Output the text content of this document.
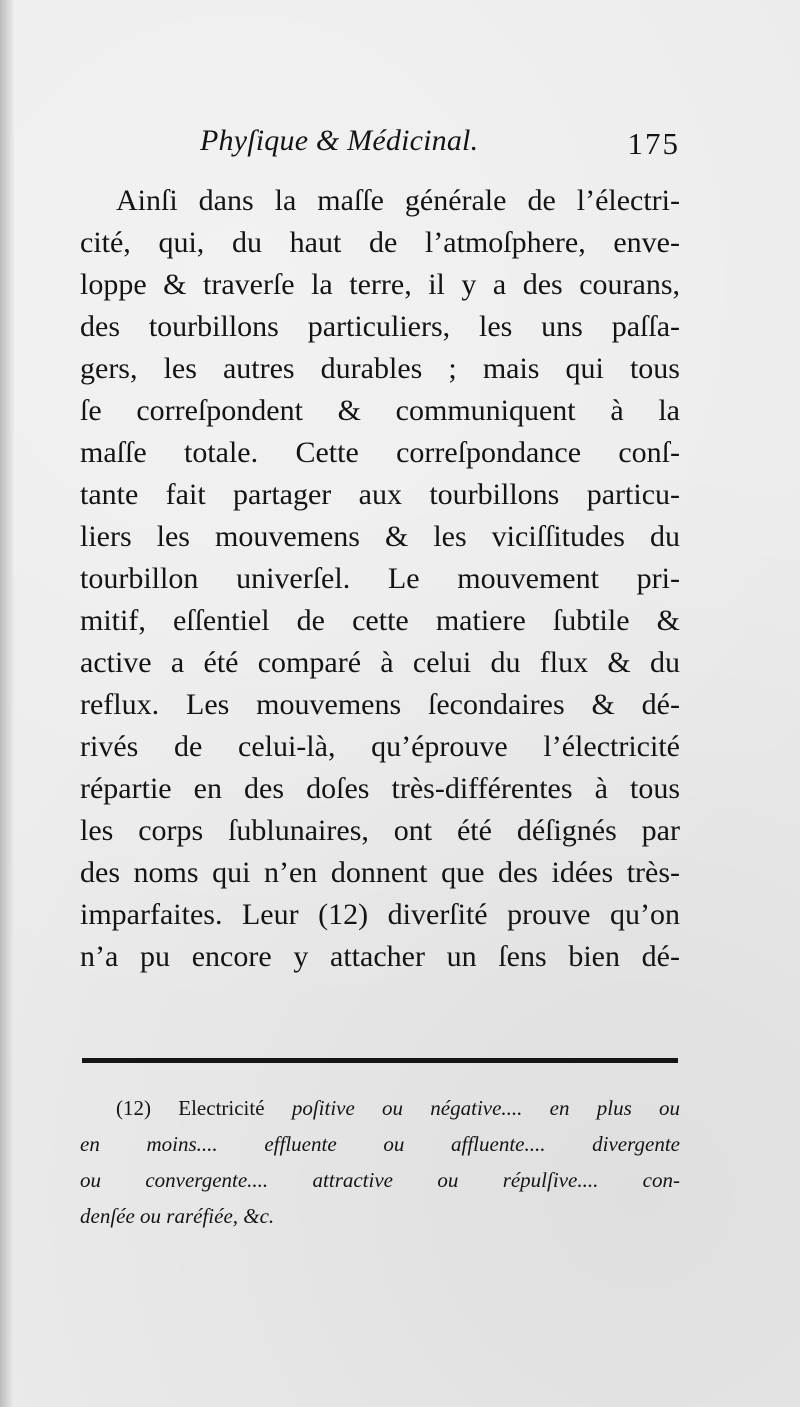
Phyſique & Médicinal.	175
Ainſi dans la maſſe générale de l’électri-
cité, qui, du haut de l’atmoſphere, enve-
loppe & traverſe la terre, il y a des courans,
des tourbillons particuliers, les uns paſſa-
gers, les autres durables ; mais qui tous
ſe correſpondent & communiquent à la
maſſe totale. Cette correſpondance conſ-
tante fait partager aux tourbillons particu-
liers les mouvemens & les viciſſitudes du
tourbillon univerſel. Le mouvement pri-
mitif, eſſentiel de cette matiere ſubtile &
active a été comparé à celui du flux & du
reflux. Les mouvemens ſecondaires & dé-
rivés de celui-là, qu’éprouve l’électricité
répartie en des doſes très-différentes à tous
les corps ſublunaires, ont été déſignés par
des noms qui n’en donnent que des idées très-
imparfaites. Leur (12) diverſité prouve qu’on
n’a pu encore y attacher un ſens bien dé-
(12) Electricité poſitive ou négative.... en plus ou
en moins.... effluente ou affluente.... divergente
ou convergente.... attractive ou répulſive.... con-
denſée ou raréfiée, &c.
